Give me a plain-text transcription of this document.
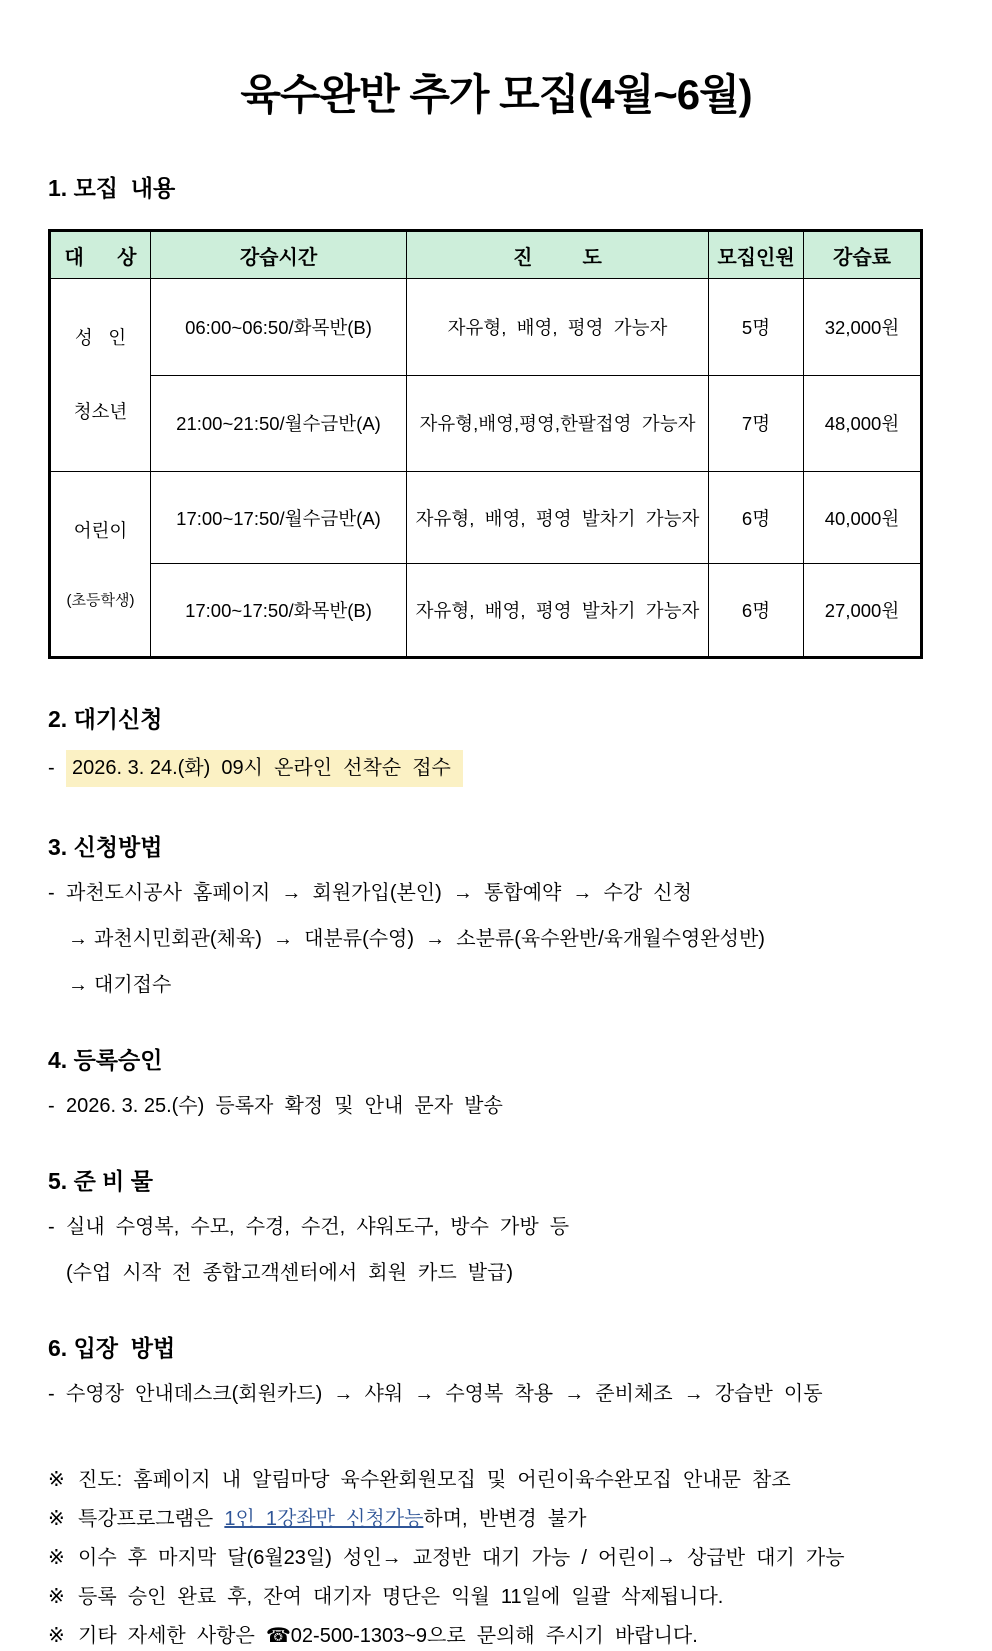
육수완반 추가 모집(4월~6월)
1. 모집  내용
대      상	강습시간	진         도	모집인원	강습료

성   인

청소년	06:00~06:50/화목반(B)	자유형,  배영,  평영  가능자	5명	32,000원
	21:00~21:50/월수금반(A)	자유형,배영,평영,한팔접영  가능자	7명	48,000원

어린이

(초등학생)	17:00~17:50/월수금반(A)	자유형,  배영,  평영  발차기  가능자	6명	40,000원
	17:00~17:50/화목반(B)	자유형,  배영,  평영  발차기  가능자	6명	27,000원
2. 대기신청
- 2026. 3. 24.(화)  09시  온라인  선착순  접수
3. 신청방법
- 과천도시공사  홈페이지  →  회원가입(본인)  →  통합예약  →  수강  신청
→ 과천시민회관(체육)  →  대분류(수영)  →  소분류(육수완반/육개월수영완성반)
→ 대기접수
4. 등록승인
- 2026. 3. 25.(수)  등록자  확정  및  안내  문자  발송
5. 준 비 물
- 실내  수영복,  수모,  수경,  수건,  샤워도구,  방수  가방  등
(수업  시작  전  종합고객센터에서  회원  카드  발급)
6. 입장  방법
- 수영장  안내데스크(회원카드)  →  샤워  →  수영복  착용  →  준비체조  →  강습반  이동
※ 진도:  홈페이지  내  알림마당  육수완회원모집  및  어린이육수완모집  안내문  참조
※ 특강프로그램은  1인  1강좌만  신청가능하며,  반변경  불가
※ 이수  후  마지막  달(6월23일)  성인→  교정반  대기  가능  /  어린이→  상급반  대기  가능
※ 등록  승인  완료  후,  잔여  대기자  명단은  익월  11일에  일괄  삭제됩니다.
※ 기타  자세한  사항은  ☎02-500-1303~9으로  문의해  주시기  바랍니다.
